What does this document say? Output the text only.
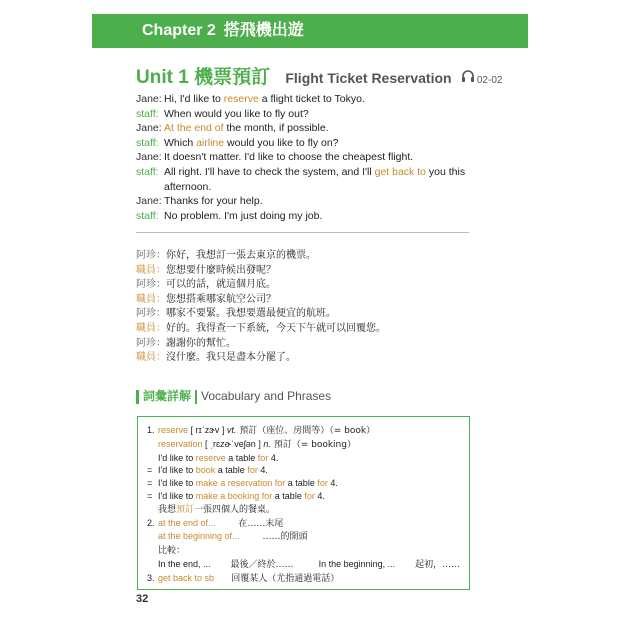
Chapter 2 搭飛機出遊
Unit 1 機票預訂 Flight Ticket Reservation	02-02
Jane: Hi, I'd like to reserve a flight ticket to Tokyo.
staff: When would you like to fly out?
Jane: At the end of the month, if possible.
staff: Which airline would you like to fly on?
Jane: It doesn't matter. I'd like to choose the cheapest flight.
staff: All right. I'll have to check the system, and I'll get back to you this afternoon.
Jane: Thanks for your help.
staff: No problem. I'm just doing my job.
阿珍：你好，我想訂一張去東京的機票。
職員：您想要什麼時候出發呢？
阿珍：可以的話，就這個月底。
職員：您想搭乘哪家航空公司？
阿珍：哪家不要緊。我想要選最便宜的航班。
職員：好的。我得查一下系統，今天下午就可以回覆您。
阿珍：謝謝你的幫忙。
職員：沒什麼。我只是盡本分罷了。
詞彙詳解 Vocabulary and Phrases
1. reserve [ rɪˈzɝv ] vt. 預訂（座位、房間等）（= book）
reservation [ ˌrɛzɚˈveʃən ] n. 預訂（= booking）
I'd like to reserve a table for 4.
= I'd like to book a table for 4.
= I'd like to make a reservation for a table for 4.
= I'd like to make a booking for a table for 4.
我想預訂一張四個人的餐桌。
2. at the end of...        在……末尾
at the beginning of...        ……的開頭
比較：
In the end, ...        最後／終於……          In the beginning, ...        起初，……
3. get back to sb      回覆某人（尤指通過電話）
32
